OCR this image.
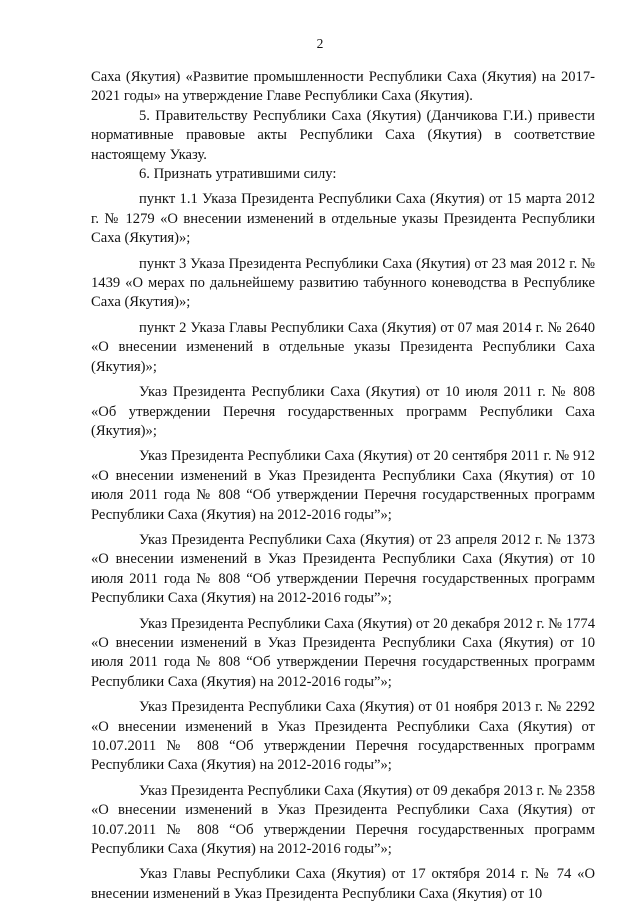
2

Саха (Якутия) «Развитие промышленности Республики Саха (Якутия) на 2017-2021 годы» на утверждение Главе Республики Саха (Якутия).

5. Правительству Республики Саха (Якутия) (Данчикова Г.И.) привести нормативные правовые акты Республики Саха (Якутия) в соответствие настоящему Указу.

6. Признать утратившими силу:

пункт 1.1 Указа Президента Республики Саха (Якутия) от 15 марта 2012 г. № 1279 «О внесении изменений в отдельные указы Президента Республики Саха (Якутия)»;

пункт 3 Указа Президента Республики Саха (Якутия) от 23 мая 2012 г. № 1439 «О мерах по дальнейшему развитию табунного коневодства в Республике Саха (Якутия)»;

пункт 2 Указа Главы Республики Саха (Якутия) от 07 мая 2014 г. № 2640 «О внесении изменений в отдельные указы Президента Республики Саха (Якутия)»;

Указ Президента Республики Саха (Якутия) от 10 июля 2011 г. № 808 «Об утверждении Перечня государственных программ Республики Саха (Якутия)»;

Указ Президента Республики Саха (Якутия) от 20 сентября 2011 г. № 912 «О внесении изменений в Указ Президента Республики Саха (Якутия) от 10 июля 2011 года № 808 “Об утверждении Перечня государственных программ Республики Саха (Якутия) на 2012-2016 годы”»;

Указ Президента Республики Саха (Якутия) от 23 апреля 2012 г. № 1373 «О внесении изменений в Указ Президента Республики Саха (Якутия) от 10 июля 2011 года № 808 “Об утверждении Перечня государственных программ Республики Саха (Якутия) на 2012-2016 годы”»;

Указ Президента Республики Саха (Якутия) от 20 декабря 2012 г. № 1774 «О внесении изменений в Указ Президента Республики Саха (Якутия) от 10 июля 2011 года № 808 “Об утверждении Перечня государственных программ Республики Саха (Якутия) на 2012-2016 годы”»;

Указ Президента Республики Саха (Якутия) от 01 ноября 2013 г. № 2292 «О внесении изменений в Указ Президента Республики Саха (Якутия) от 10.07.2011 № 808 “Об утверждении Перечня государственных программ Республики Саха (Якутия) на 2012-2016 годы”»;

Указ Президента Республики Саха (Якутия) от 09 декабря 2013 г. № 2358 «О внесении изменений в Указ Президента Республики Саха (Якутия) от 10.07.2011 № 808 “Об утверждении Перечня государственных программ Республики Саха (Якутия) на 2012-2016 годы”»;

Указ Главы Республики Саха (Якутия) от 17 октября 2014 г. № 74 «О внесении изменений в Указ Президента Республики Саха (Якутия) от 10
